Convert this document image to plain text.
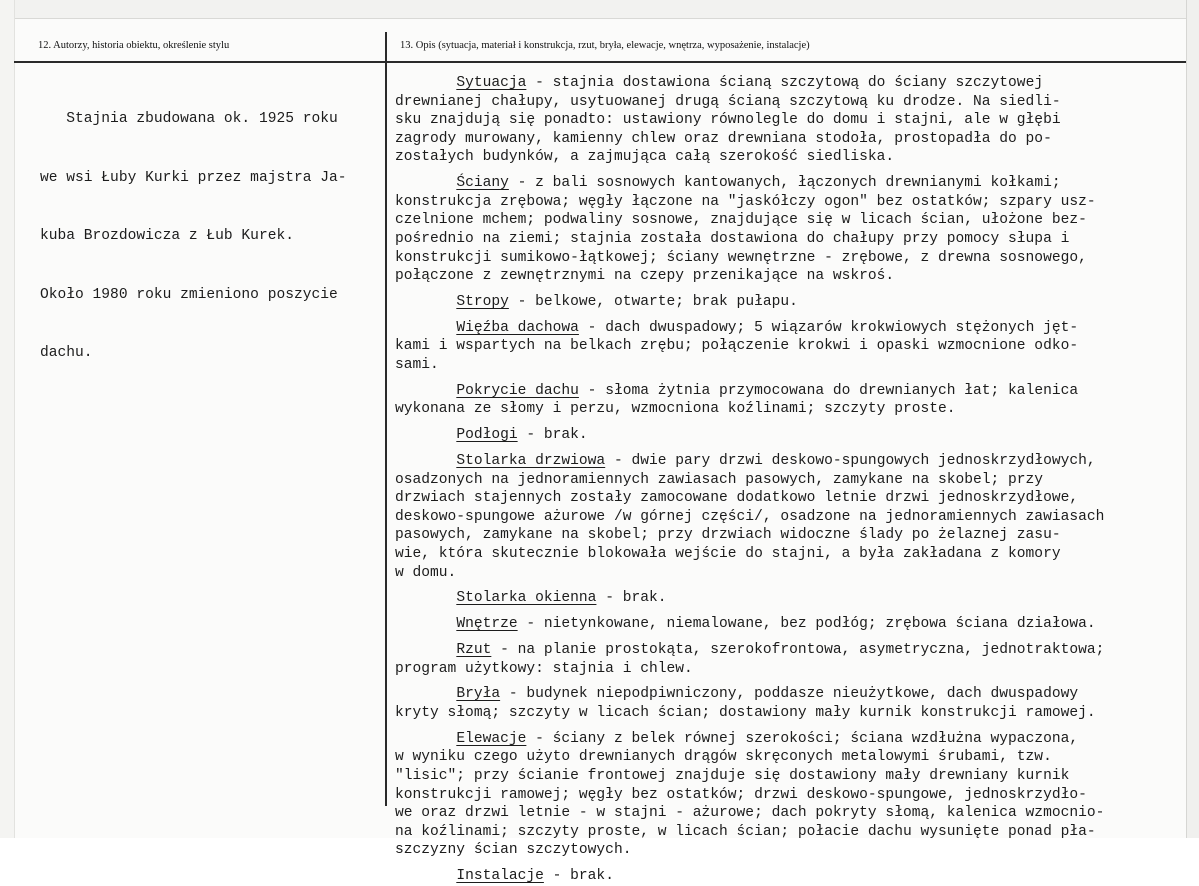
12. Autorzy, historia obiektu, określenie stylu	13. Opis (sytuacja, materiał i konstrukcja, rzut, bryła, elewacje, wnętrza, wyposażenie, instalacje)

Stajnia zbudowana ok. 1925 roku

we wsi Łuby Kurki przez majstra Ja-

kuba Brozdowicza z Łub Kurek.

Około 1980 roku zmieniono poszycie

dachu.

Sytuacja - stajnia dostawiona ścianą szczytową do ściany szczytowej
drewnianej chałupy, usytuowanej drugą ścianą szczytową ku drodze. Na siedli-
sku znajdują się ponadto: ustawiony równolegle do domu i stajni, ale w głębi
zagrody murowany, kamienny chlew oraz drewniana stodoła, prostopadła do po-
zostałych budynków, a zajmująca całą szerokość siedliska.
Ściany - z bali sosnowych kantowanych, łączonych drewnianymi kołkami;
konstrukcja zrębowa; węgły łączone na "jaskółczy ogon" bez ostatków; szpary usz-
czelnione mchem; podwaliny sosnowe, znajdujące się w licach ścian, ułożone bez-
pośrednio na ziemi; stajnia została dostawiona do chałupy przy pomocy słupa i
konstrukcji sumikowo-łątkowej; ściany wewnętrzne - zrębowe, z drewna sosnowego,
połączone z zewnętrznymi na czepy przenikające na wskroś.
Stropy - belkowe, otwarte; brak pułapu.
Więźba dachowa - dach dwuspadowy; 5 wiązarów krokwiowych stężonych jęt-
kami i wspartych na belkach zrębu; połączenie krokwi i opaski wzmocnione odko-
sami.
Pokrycie dachu - słoma żytnia przymocowana do drewnianych łat; kalenica
wykonana ze słomy i perzu, wzmocniona koźlinami; szczyty proste.
Podłogi - brak.
Stolarka drzwiowa - dwie pary drzwi deskowo-spungowych jednoskrzydłowych,
osadzonych na jednoramiennych zawiasach pasowych, zamykane na skobel; przy
drzwiach stajennych zostały zamocowane dodatkowo letnie drzwi jednoskrzydłowe,
deskowo-spungowe ażurowe /w górnej części/, osadzone na jednoramiennych zawiasach
pasowych, zamykane na skobel; przy drzwiach widoczne ślady po żelaznej zasu-
wie, która skutecznie blokowała wejście do stajni, a była zakładana z komory
w domu.
Stolarka okienna - brak.
Wnętrze - nietynkowane, niemalowane, bez podłóg; zrębowa ściana działowa.
Rzut - na planie prostokąta, szerokofrontowa, asymetryczna, jednotraktowa;
program użytkowy: stajnia i chlew.
Bryła - budynek niepodpiwniczony, poddasze nieużytkowe, dach dwuspadowy
kryty słomą; szczyty w licach ścian; dostawiony mały kurnik konstrukcji ramowej.
Elewacje - ściany z belek równej szerokości; ściana wzdłużna wypaczona,
w wyniku czego użyto drewnianych drągów skręconych metalowymi śrubami, tzw.
"lisic"; przy ścianie frontowej znajduje się dostawiony mały drewniany kurnik
konstrukcji ramowej; węgły bez ostatków; drzwi deskowo-spungowe, jednoskrzydło-
we oraz drzwi letnie - w stajni - ażurowe; dach pokryty słomą, kalenica wzmocnio-
na koźlinami; szczyty proste, w licach ścian; połacie dachu wysunięte ponad pła-
szczyzny ścian szczytowych.
Instalacje - brak.
